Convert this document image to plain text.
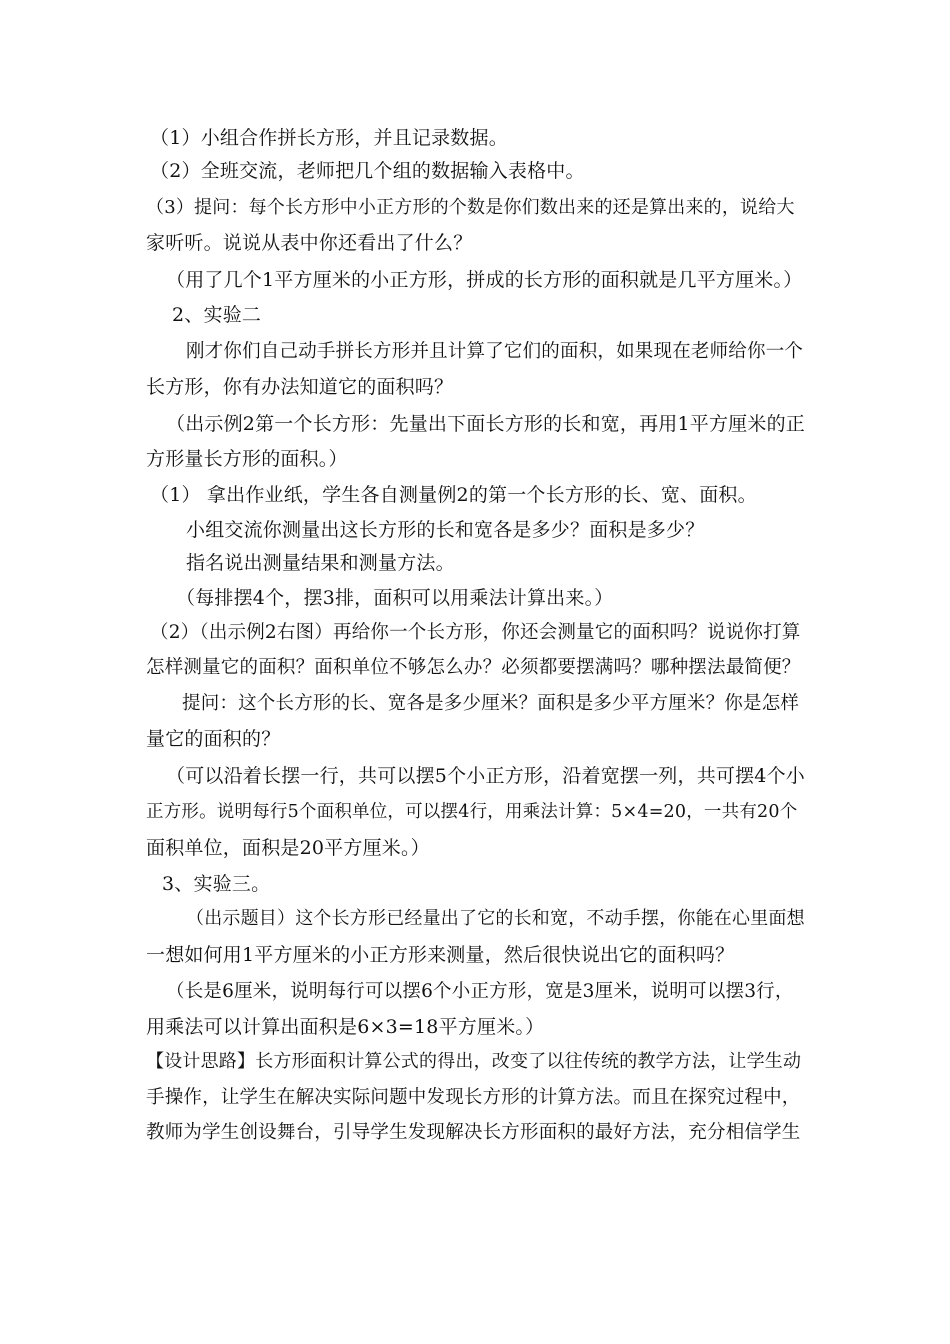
（1）小组合作拼长方形，并且记录数据。
（2）全班交流，老师把几个组的数据输入表格中。
（3）提问：每个长方形中小正方形的个数是你们数出来的还是算出来的，说给大
家听听。说说从表中你还看出了什么？
（用了几个1平方厘米的小正方形，拼成的长方形的面积就是几平方厘米。）
2、实验二
刚才你们自己动手拼长方形并且计算了它们的面积，如果现在老师给你一个
长方形，你有办法知道它的面积吗？
（出示例2第一个长方形：先量出下面长方形的长和宽，再用1平方厘米的正
方形量长方形的面积。）
（1） 拿出作业纸，学生各自测量例2的第一个长方形的长、宽、面积。
小组交流你测量出这长方形的长和宽各是多少？面积是多少？
指名说出测量结果和测量方法。
（每排摆4个，摆3排，面积可以用乘法计算出来。）
（2）（出示例2右图）再给你一个长方形，你还会测量它的面积吗？说说你打算
怎样测量它的面积？面积单位不够怎么办？必须都要摆满吗？哪种摆法最简便？
提问：这个长方形的长、宽各是多少厘米？面积是多少平方厘米？你是怎样
量它的面积的？
（可以沿着长摆一行，共可以摆5个小正方形，沿着宽摆一列，共可摆4个小
正方形。说明每行5个面积单位，可以摆4行，用乘法计算：5×4=20，一共有20个
面积单位，面积是20平方厘米。）
3、实验三。
（出示题目）这个长方形已经量出了它的长和宽，不动手摆，你能在心里面想
一想如何用1平方厘米的小正方形来测量，然后很快说出它的面积吗？
（长是6厘米，说明每行可以摆6个小正方形，宽是3厘米，说明可以摆3行，
用乘法可以计算出面积是6×3=18平方厘米。）
【设计思路】长方形面积计算公式的得出，改变了以往传统的教学方法，让学生动
手操作，让学生在解决实际问题中发现长方形的计算方法。而且在探究过程中，
教师为学生创设舞台，引导学生发现解决长方形面积的最好方法，充分相信学生
